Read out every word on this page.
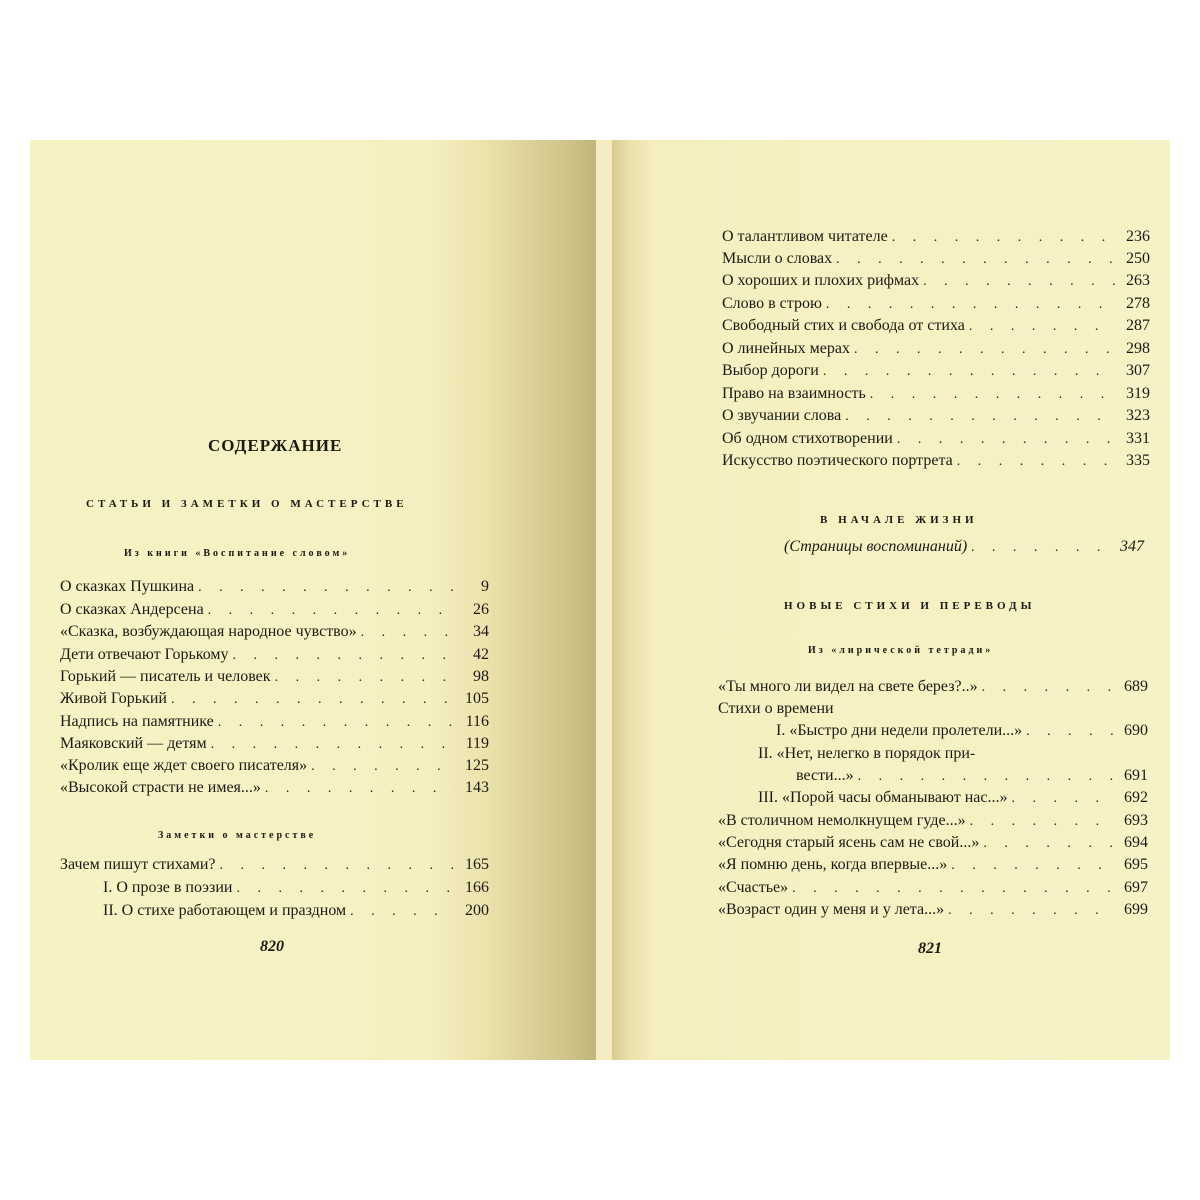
СОДЕРЖАНИЕ
СТАТЬИ И ЗАМЕТКИ О МАСТЕРСТВЕ
Из книги «Воспитание словом»
О сказках Пушкина . . .	9
О сказках Андерсена . . .	26
«Сказка, возбуждающая народное чувство» . . .	34
Дети отвечают Горькому . . .	42
Горький — писатель и человек . . .	98
Живой Горький . . .	105
Надпись на памятнике . . .	116
Маяковский — детям . . .	119
«Кролик еще ждет своего писателя» . . .	125
«Высокой страсти не имея...» . . .	143
Заметки о мастерстве
Зачем пишут стихами? . . .	165
I. О прозе в поэзии . . .	166
II. О стихе работающем и праздном . . .	200
820
О талантливом читателе . . .	236
Мысли о словах . . .	250
О хороших и плохих рифмах . . .	263
Слово в строю . . .	278
Свободный стих и свобода от стиха . . .	287
О линейных мерах . . .	298
Выбор дороги . . .	307
Право на взаимность . . .	319
О звучании слова . . .	323
Об одном стихотворении . . .	331
Искусство поэтического портрета . . .	335
В НАЧАЛЕ ЖИЗНИ
(Страницы воспоминаний) . . .	347
НОВЫЕ СТИХИ И ПЕРЕВОДЫ
Из «лирической тетради»
«Ты много ли видел на свете берез?..» . . .	689
Стихи о времени
I. «Быстро дни недели пролетели...» . . .	690
II. «Нет, нелегко в порядок при-
вести...» . . .	691
III. «Порой часы обманывают нас...» . . .	692
«В столичном немолкнущем гуде...» . . .	693
«Сегодня старый ясень сам не свой...» . . .	694
«Я помню день, когда впервые...» . . .	695
«Счастье» . . .	697
«Возраст один у меня и у лета...» . . .	699
821
